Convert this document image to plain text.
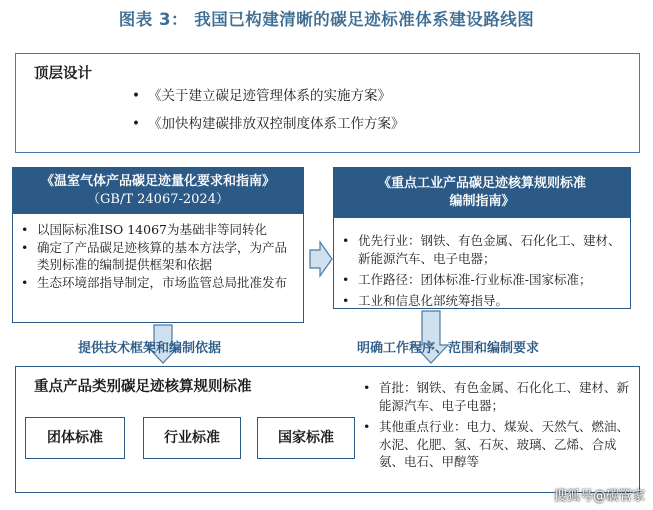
图表 3： 我国已构建清晰的碳足迹标准体系建设路线图
顶层设计
• 《关于建立碳足迹管理体系的实施方案》
• 《加快构建碳排放双控制度体系工作方案》
《温室气体产品碳足迹量化要求和指南》
（GB/T 24067-2024）
• 以国际标准ISO 14067为基础非等同转化
• 确定了产品碳足迹核算的基本方法学，为产品类别标准的编制提供框架和依据
• 生态环境部指导制定，市场监管总局批准发布
《重点工业产品碳足迹核算规则标准
编制指南》
• 优先行业：钢铁、有色金属、石化化工、建材、新能源汽车、电子电器；
• 工作路径：团体标准-行业标准-国家标准；
• 工业和信息化部统筹指导。
提供技术框架和编制依据	明确工作程序、范围和编制要求
重点产品类别碳足迹核算规则标准
•	首批：钢铁、有色金属、石化化工、建材、新能源汽车、电子电器；
• 其他重点行业：电力、煤炭、天然气、燃油、水泥、化肥、氢、石灰、玻璃、乙烯、合成氨、电石、甲醇等
团体标准	行业标准	国家标准
搜狐号@碳管家
